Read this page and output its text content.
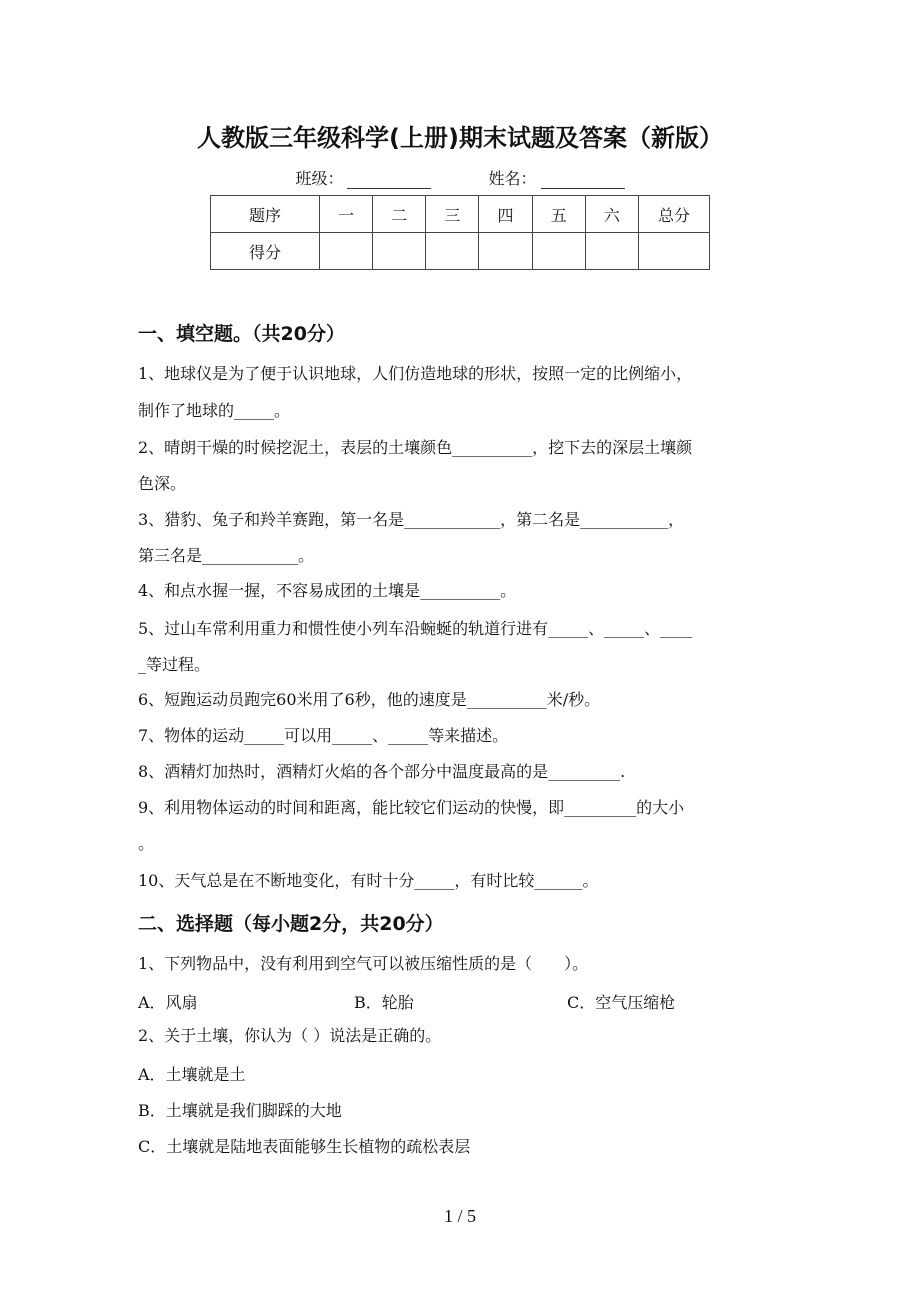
人教版三年级科学(上册)期末试题及答案（新版）
班级：	姓名：
题序	一	二	三	四	五	六	总分
得分							
一、填空题。（共20分）
1、地球仪是为了便于认识地球，人们仿造地球的形状，按照一定的比例缩小，
制作了地球的_____。
2、晴朗干燥的时候挖泥土，表层的土壤颜色__________，挖下去的深层土壤颜
色深。
3、猎豹、兔子和羚羊赛跑，第一名是____________，第二名是___________，
第三名是____________。
4、和点水握一握，不容易成团的土壤是__________。
5、过山车常利用重力和惯性使小列车沿蜿蜒的轨道行进有_____、_____、____
_等过程。
6、短跑运动员跑完60米用了6秒，他的速度是__________米/秒。
7、物体的运动_____可以用_____、_____等来描述。
8、酒精灯加热时，酒精灯火焰的各个部分中温度最高的是_________.
9、利用物体运动的时间和距离，能比较它们运动的快慢，即_________的大小
。
10、天气总是在不断地变化，有时十分_____，有时比较______。
二、选择题（每小题2分，共20分）
1、下列物品中，没有利用到空气可以被压缩性质的是（　　）。
A．风扇	B．轮胎	C．空气压缩枪
2、关于土壤，你认为（ ）说法是正确的。
A．土壤就是土
B．土壤就是我们脚踩的大地
C．土壤就是陆地表面能够生长植物的疏松表层
1 / 5
